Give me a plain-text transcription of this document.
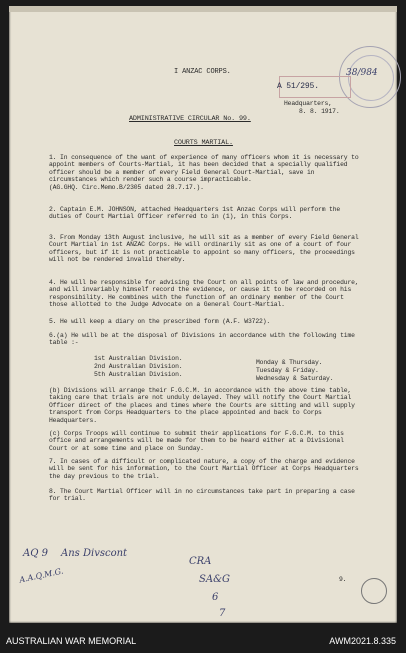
I ANZAC CORPS.
A 51/295.
38/984
Headquarters,
8. 8. 1917.
ADMINISTRATIVE CIRCULAR No. 99.
COURTS MARTIAL.
1. In consequence of the want of experience of many officers whom it is necessary to appoint members of Courts-Martial, it has been decided that a specially qualified officer should be a member of every Field General Court-Martial, save in circumstances which render such a course impracticable.
(AG.GHQ. Circ.Memo.B/2305 dated 28.7.17.).
2. Captain E.M. JOHNSON, attached Headquarters 1st Anzac Corps will perform the duties of Court Martial Officer referred to in (1), in this Corps.
3. From Monday 13th August inclusive, he will sit as a member of every Field General Court Martial in 1st ANZAC Corps. He will ordinarily sit as one of a court of four officers, but if it is not practicable to appoint so many officers, the proceedings will not be rendered invalid thereby.
4. He will be responsible for advising the Court on all points of law and procedure, and will invariably himself record the evidence, or cause it to be recorded on his responsibility. He combines with the function of an ordinary member of the Court those allotted to the Judge Advocate on a General Court-Martial.
5. He will keep a diary on the prescribed form (A.F. W3722).
6.(a) He will be at the disposal of Divisions in accordance with the following time table :-
1st Australian Division.
2nd Australian Division.
5th Australian Division.
Monday & Thursday.
Tuesday & Friday.
Wednesday & Saturday.
(b) Divisions will arrange their F.G.C.M. in accordance with the above time table, taking care that trials are not unduly delayed. They will notify the Court Martial Officer direct of the places and times where the Courts are sitting and will supply transport from Corps Headquarters to the place appointed and back to Corps Headquarters.
(c) Corps Troops will continue to submit their applications for F.G.C.M. to this office and arrangements will be made for them to be heard either at a Divisional Court or at some time and place on Sunday.
7. In cases of a difficult or complicated nature, a copy of the charge and evidence will be sent for his information, to the Court Martial Officer at Corps Headquarters the day previous to the trial.
8. The Court Martial Officer will in no circumstances take part in preparing a case for trial.
AQ 9
A.A.Q.M.G.
Ans Divscont
CRA
SA&G
6
7
9.
AUSTRALIAN WAR MEMORIAL	AWM2021.8.335
